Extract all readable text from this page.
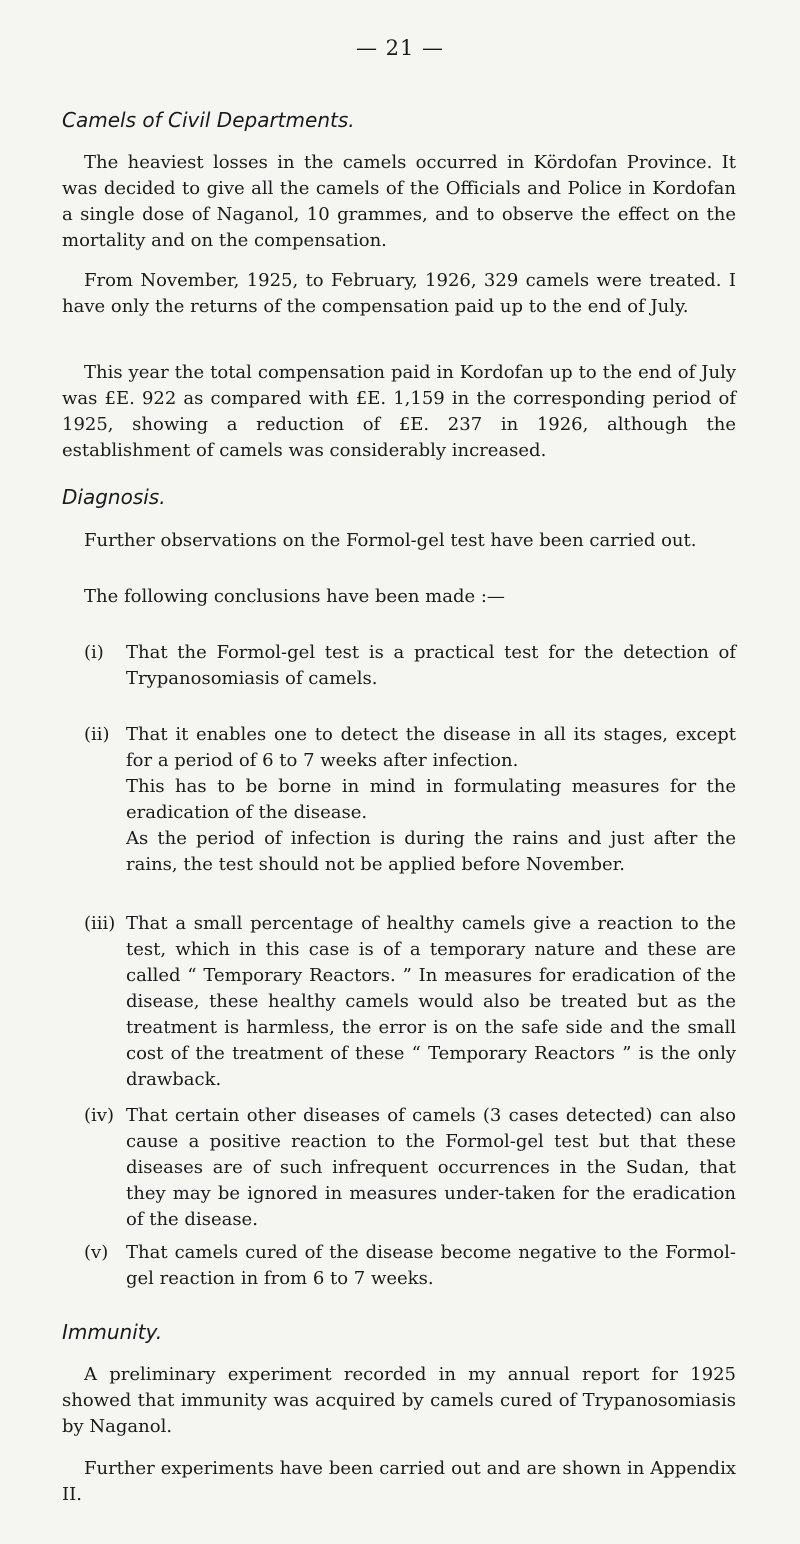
— 21 —
Camels of Civil Departments.
The heaviest losses in the camels occurred in Kördofan Province. It was decided to give all the camels of the Officials and Police in Kordofan a single dose of Naganol, 10 grammes, and to observe the effect on the mortality and on the compensation.
From November, 1925, to February, 1926, 329 camels were treated. I have only the returns of the compensation paid up to the end of July.
This year the total compensation paid in Kordofan up to the end of July was £E. 922 as compared with £E. 1,159 in the corresponding period of 1925, showing a reduction of £E. 237 in 1926, although the establishment of camels was considerably increased.
Diagnosis.
Further observations on the Formol-gel test have been carried out.
The following conclusions have been made :—
(i) That the Formol-gel test is a practical test for the detection of Trypanosomiasis of camels.

(ii) That it enables one to detect the disease in all its stages, except for a period of 6 to 7 weeks after infection.

This has to be borne in mind in formulating measures for the eradication of the disease.

As the period of infection is during the rains and just after the rains, the test should not be applied before November.

(iii) That a small percentage of healthy camels give a reaction to the test, which in this case is of a temporary nature and these are called “ Temporary Reactors. ” In measures for eradication of the disease, these healthy camels would also be treated but as the treatment is harmless, the error is on the safe side and the small cost of the treatment of these “ Temporary Reactors ” is the only drawback.

(iv) That certain other diseases of camels (3 cases detected) can also cause a positive reaction to the Formol-gel test but that these diseases are of such infrequent occurrences in the Sudan, that they may be ignored in measures under-taken for the eradication of the disease.

(v) That camels cured of the disease become negative to the Formol-gel reaction in from 6 to 7 weeks.

Immunity.
A preliminary experiment recorded in my annual report for 1925 showed that immunity was acquired by camels cured of Trypanosomiasis by Naganol.
Further experiments have been carried out and are shown in Appendix II.
